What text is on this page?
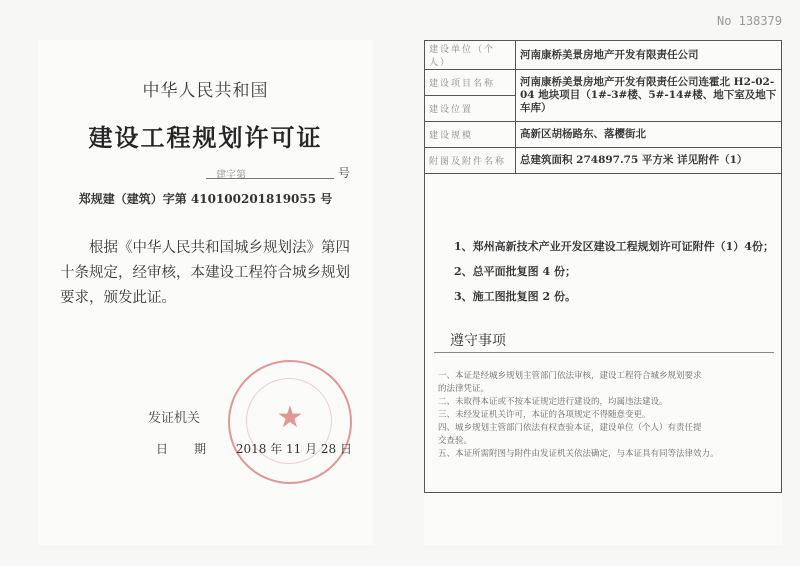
No 138379
中华人民共和国
建设工程规划许可证
建字第	号
郑规建（建筑）字第 410100201819055 号
根据《中华人民共和国城乡规划法》第四十条规定，经审核，本建设工程符合城乡规划要求，颁发此证。
★
发证机关
日期 2018 年 11 月 28 日
建设单位（个人）	河南康桥美景房地产开发有限责任公司
建设项目名称	河南康桥美景房地产开发有限责任公司连霍北 H2-02-04 地块项目（1#-3#楼、5#-14#楼、地下室及地下车库）
建设位置	
建设规模	高新区胡杨路东、落樱街北
附图及附件名称	总建筑面积 274897.75 平方米 详见附件（1）
1、郑州高新技术产业开发区建设工程规划许可证附件（1）4份；
2、总平面批复图 4 份；
3、施工图批复图 2 份。
遵守事项
一、本证是经城乡规划主管部门依法审核，建设工程符合城乡规划要求
的法律凭证。
二、未取得本证或不按本证规定进行建设的，均属违法建设。
三、未经发证机关许可，本证的各项规定不得随意变更。
四、城乡规划主管部门依法有权查验本证，建设单位（个人）有责任提
交查验。
五、本证所需附图与附件由发证机关依法确定，与本证具有同等法律效力。
